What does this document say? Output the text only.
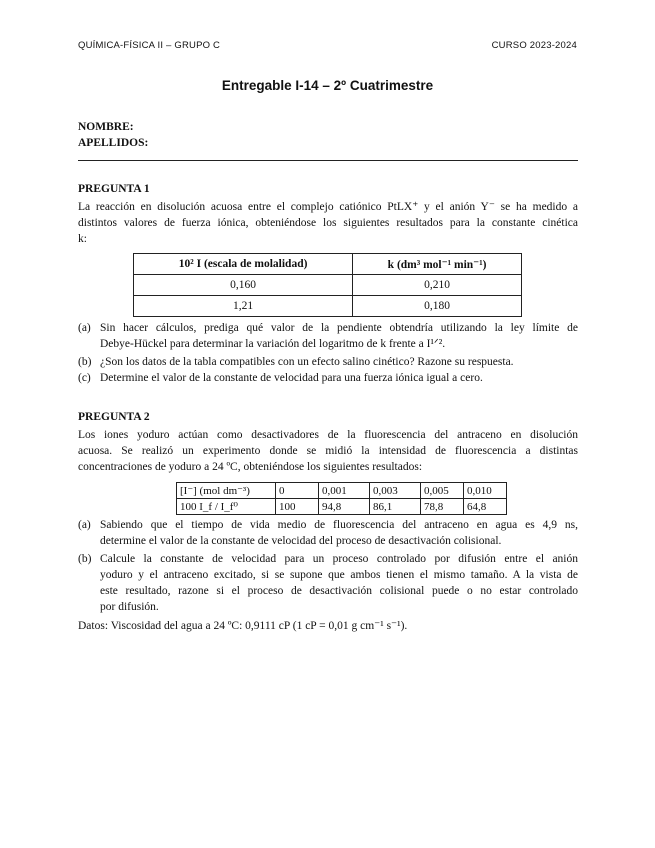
QUÍMICA-FÍSICA II – GRUPO C	CURSO 2023-2024
Entregable I-14 – 2º Cuatrimestre
NOMBRE:
APELLIDOS:
PREGUNTA 1
La reacción en disolución acuosa entre el complejo catiónico PtLX⁺ y el anión Y⁻ se ha medido a
distintos valores de fuerza iónica, obteniéndose los siguientes resultados para la constante cinética
k:
10² I (escala de molalidad)	k (dm³ mol⁻¹ min⁻¹)
0,160	0,210
1,21	0,180
(a) Sin hacer cálculos, prediga qué valor de la pendiente obtendría utilizando la ley límite de
Debye-Hückel para determinar la variación del logaritmo de k frente a I¹ᐟ².
(b) ¿Son los datos de la tabla compatibles con un efecto salino cinético? Razone su respuesta.
(c) Determine el valor de la constante de velocidad para una fuerza iónica igual a cero.
PREGUNTA 2
Los iones yoduro actúan como desactivadores de la fluorescencia del antraceno en disolución
acuosa. Se realizó un experimento donde se midió la intensidad de fluorescencia a distintas
concentraciones de yoduro a 24 ºC, obteniéndose los siguientes resultados:
[I⁻] (mol dm⁻³)	0	0,001	0,003	0,005	0,010
100 I_f / I_f⁰	100	94,8	86,1	78,8	64,8
(a) Sabiendo que el tiempo de vida medio de fluorescencia del antraceno en agua es 4,9 ns,
determine el valor de la constante de velocidad del proceso de desactivación colisional.
(b) Calcule la constante de velocidad para un proceso controlado por difusión entre el anión
yoduro y el antraceno excitado, si se supone que ambos tienen el mismo tamaño. A la vista de
este resultado, razone si el proceso de desactivación colisional puede o no estar controlado
por difusión.
Datos: Viscosidad del agua a 24 ºC: 0,9111 cP (1 cP = 0,01 g cm⁻¹ s⁻¹).
